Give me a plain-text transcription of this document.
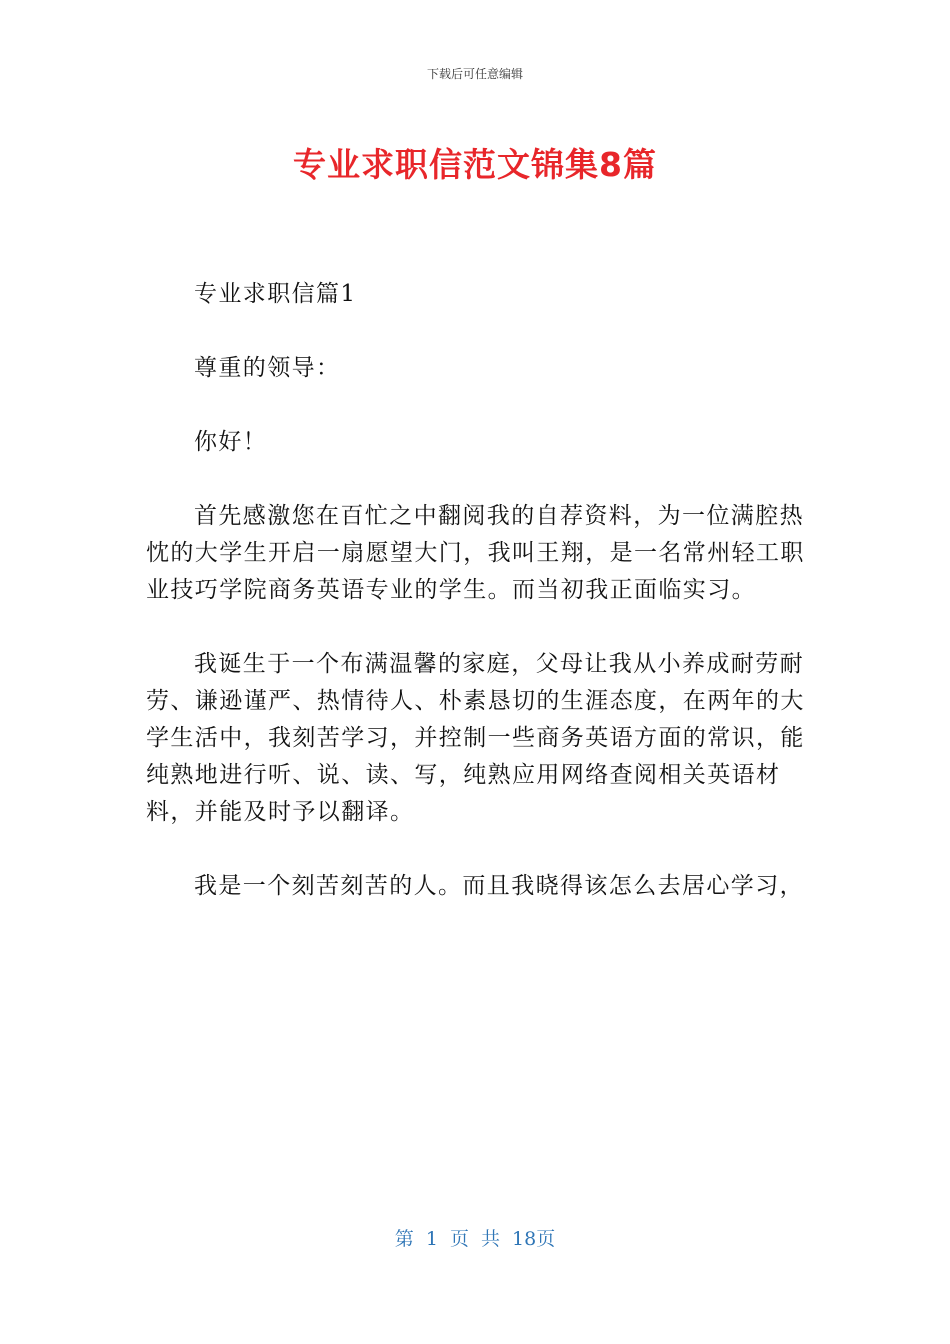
下载后可任意编辑
专业求职信范文锦集8篇

专业求职信篇1

尊重的领导：

你好！

首先感激您在百忙之中翻阅我的自荐资料，为一位满腔热忱的大学生开启一扇愿望大门，我叫王翔，是一名常州轻工职业技巧学院商务英语专业的学生。而当初我正面临实习。

我诞生于一个布满温馨的家庭，父母让我从小养成耐劳耐劳、谦逊谨严、热情待人、朴素恳切的生涯态度，在两年的大学生活中，我刻苦学习，并控制一些商务英语方面的常识，能纯熟地进行听、说、读、写，纯熟应用网络查阅相关英语材料，并能及时予以翻译。

我是一个刻苦刻苦的人。而且我晓得该怎么去居心学习，

第 1 页 共 18页
